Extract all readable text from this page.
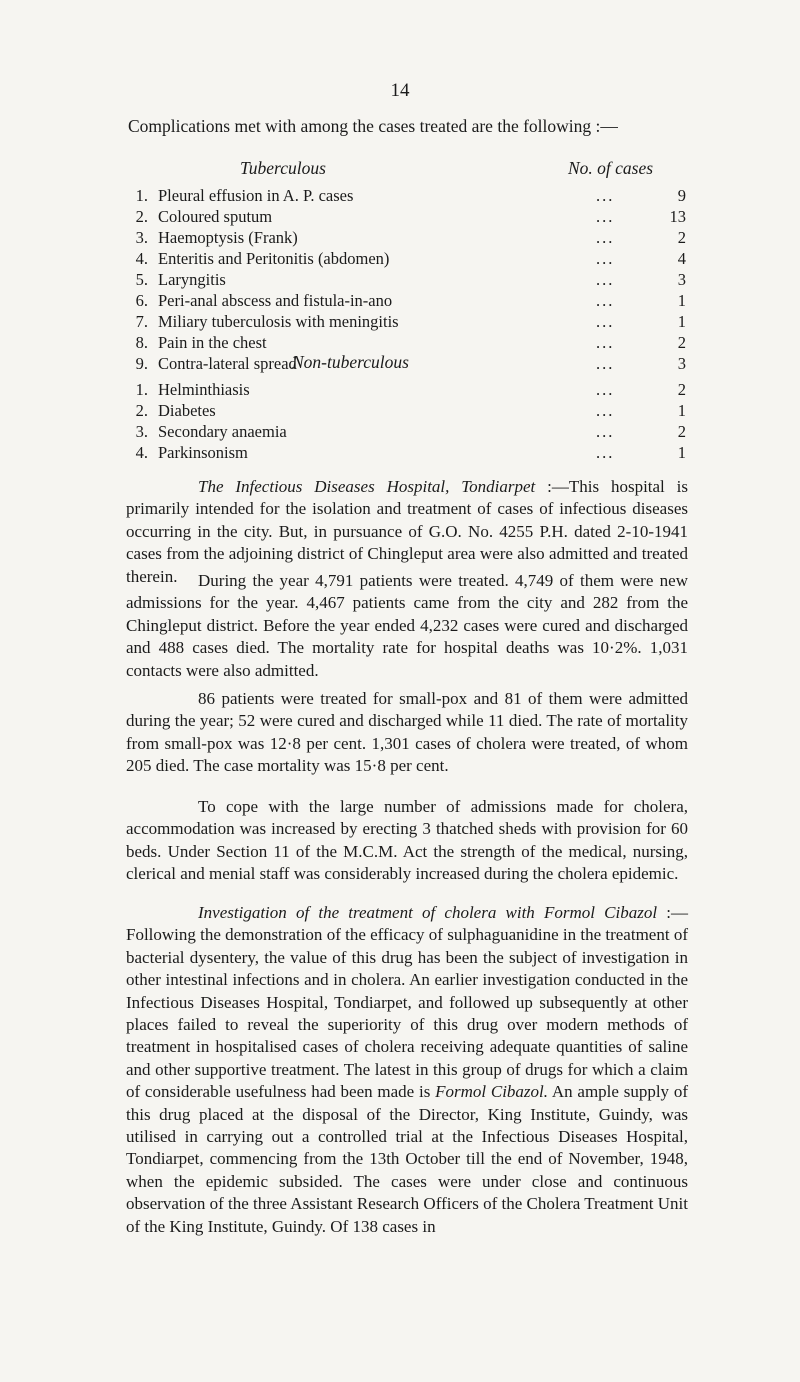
14
Complications met with among the cases treated are the following :—
Tuberculous	No. of cases
1. Pleural effusion in A. P. cases	...	9
2. Coloured sputum	...	13
3. Haemoptysis (Frank)	...	2
4. Enteritis and Peritonitis (abdomen)	...	4
5. Laryngitis	...	3
6. Peri-anal abscess and fistula-in-ano	...	1
7. Miliary tuberculosis with meningitis	...	1
8. Pain in the chest	...	2
9. Contra-lateral spread	...	3
Non-tuberculous
1. Helminthiasis	...	2
2. Diabetes	...	1
3. Secondary anaemia	...	2
4. Parkinsonism	...	1

The Infectious Diseases Hospital, Tondiarpet :—This hospital is primarily intended for the isolation and treatment of cases of infectious diseases occurring in the city. But, in pursuance of G.O. No. 4255 P.H. dated 2-10-1941 cases from the adjoining district of Chingleput area were also admitted and treated therein.	During the year 4,791 patients were treated. 4,749 of them were new admissions for the year. 4,467 patients came from the city and 282 from the Chingleput district. Before the year ended 4,232 cases were cured and discharged and 488 cases died. The mortality rate for hospital deaths was 10·2%. 1,031 contacts were also admitted.

86 patients were treated for small-pox and 81 of them were admitted during the year; 52 were cured and discharged while 11 died. The rate of mortality from small-pox was 12·8 per cent. 1,301 cases of cholera were treated, of whom 205 died. The case mortality was 15·8 per cent.

To cope with the large number of admissions made for cholera, accommodation was increased by erecting 3 thatched sheds with provision for 60 beds. Under Section 11 of the M.C.M. Act the strength of the medical, nursing, clerical and menial staff was considerably increased during the cholera epidemic.

Investigation of the treatment of cholera with Formol Cibazol :—Following the demonstration of the efficacy of sulphaguanidine in the treatment of bacterial dysentery, the value of this drug has been the subject of investigation in other intestinal infections and in cholera. An earlier investigation conducted in the Infectious Diseases Hospital, Tondiarpet, and followed up subsequently at other places failed to reveal the superiority of this drug over modern methods of treatment in hospitalised cases of cholera receiving adequate quantities of saline and other supportive treatment. The latest in this group of drugs for which a claim of considerable usefulness had been made is Formol Cibazol. An ample supply of this drug placed at the disposal of the Director, King Institute, Guindy, was utilised in carrying out a controlled trial at the Infectious Diseases Hospital, Tondiarpet, commencing from the 13th October till the end of November, 1948, when the epidemic subsided. The cases were under close and continuous observation of the three Assistant Research Officers of the Cholera Treatment Unit of the King Institute, Guindy. Of 138 cases in
